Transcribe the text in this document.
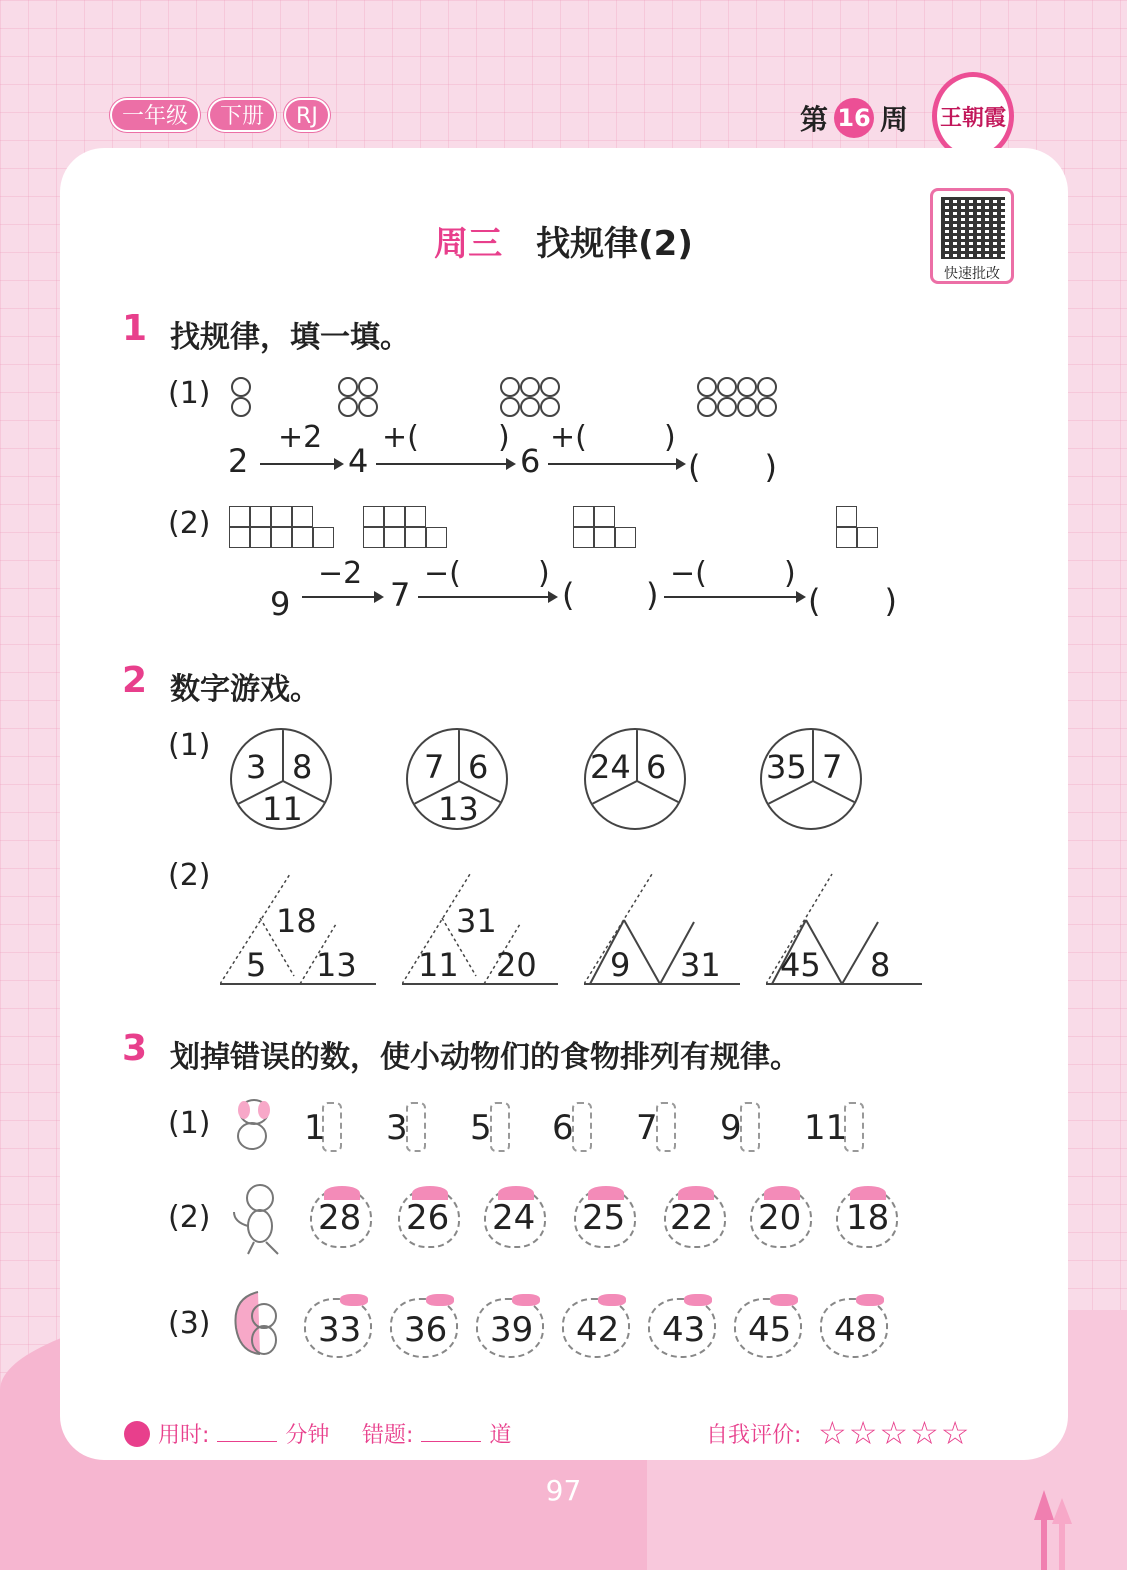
一年级	下册	RJ	第 16 周 王朝霞
快速批改
周三 找规律(2)
1 找规律，填一填。
(1)
2
+2
4
+(	)
6
+(	)
(　　)
(2)
9
−2
7
−(	)
( )
−(	)
(　　)
2 数字游戏。
(1)
3 8
11
7 6
13
24 6	35 7
(2)
18
5 13
31
11 20 9 31 45 8
3 划掉错误的数，使小动物们的食物排列有规律。
(1)	1 3 5 6 7 9 11
(2)	28 26 24 25 22 20 18
(3)	33 36 39 42 43 45 48
用时:	分钟 错题:	道	自我评价: ☆☆☆☆☆
97
